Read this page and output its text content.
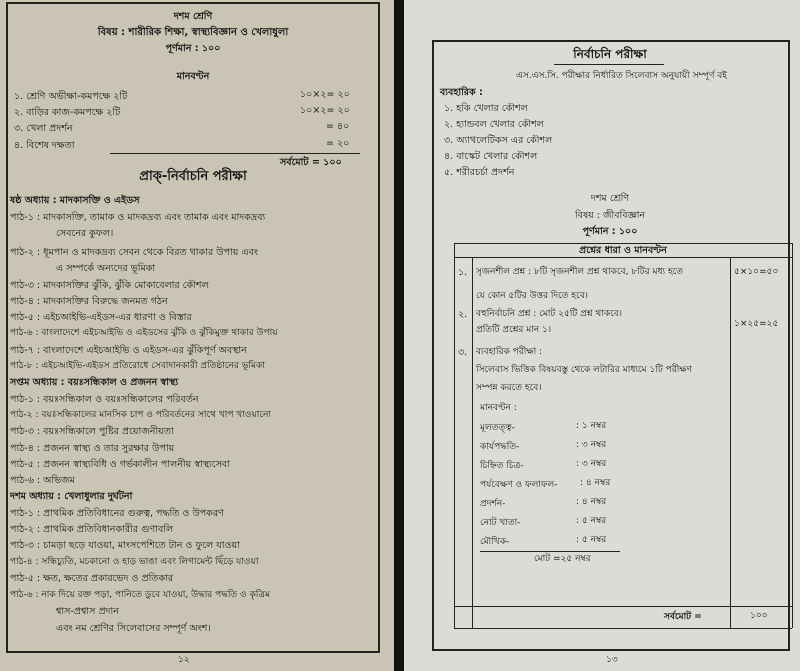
দশম শ্রেণি
বিষয় : শারীরিক শিক্ষা, স্বাস্থ্যবিজ্ঞান ও খেলাধুলা
পূর্ণমান : ১০০
মানবণ্টন
১. শ্রেণি অভীক্ষা-কমপক্ষে ২টি	১০×২= ২০
২. বাড়ির কাজ-কমপক্ষে ২টি	১০×২= ২০
৩. খেলা প্রদর্শন	= ৪০
৪. বিশেষ দক্ষতা	= ২০
সর্বমোট = ১০০
প্রাক্-নির্বাচনি পরীক্ষা
ষষ্ঠ অধ্যায় : মাদকাসক্তি ও এইডস
পাঠ-১ : মাদকাসক্তি, তামাক ও মাদকদ্রব্য এবং তামাক এবং মাদকদ্রব্য
সেবনের কুফল।
পাঠ-২ : ধূমপান ও মাদকদ্রব্য সেবন থেকে বিরত থাকার উপায় এবং
এ সম্পর্কে অন্যদের ভূমিকা
পাঠ-৩ : মাদকাসক্তির ঝুঁকি, ঝুঁকি মোকাবেলার কৌশল
পাঠ-৪ : মাদকাসক্তির বিরুদ্ধে জনমত গঠন
পাঠ-৫ : এইচআইভি-এইডস-এর ধারণা ও বিস্তার
পাঠ-৬ : বাংলাদেশে এইচআইভি ও এইডসের ঝুঁকি ও ঝুঁকিমুক্ত থাকার উপায়
পাঠ-৭ : বাংলাদেশে এইচআইভি ও এইডস-এর ঝুঁকিপূর্ণ অবস্থান
পাঠ-৮ : এইচআইভি-এইডস প্রতিরোধে সেবাদানকারী প্রতিষ্ঠানের ভূমিকা
সপ্তম অধ্যায় : বয়ঃসন্ধিকাল ও প্রজনন স্বাস্থ্য
পাঠ-১ : বয়ঃসন্ধিকাল ও বয়ঃসন্ধিকালের পরিবর্তন
পাঠ-২ : বয়ঃসন্ধিকালের মানসিক চাপ ও পরিবর্তনের সাথে খাপ খাওয়ানো
পাঠ-৩ : বয়ঃসন্ধিকালে পুষ্টির প্রয়োজনীয়তা
পাঠ-৪ : প্রজনন স্বাস্থ্য ও তার সুরক্ষার উপায়
পাঠ-৫ : প্রজনন স্বাস্থ্যবিধি ও গর্ভকালীন পালনীয় স্বাস্থ্যসেবা
পাঠ-৬ : অভিজম
দশম অধ্যায় : খেলাধুলার দুর্ঘটনা
পাঠ-১ : প্রাথমিক প্রতিবিধানের গুরুত্ব, পদ্ধতি ও উপকরণ
পাঠ-২ : প্রাথমিক প্রতিবিধানকারীর গুণাবলি
পাঠ-৩ : চামড়া ছড়ে যাওয়া, মাংসপেশিতে টান ও ফুলে যাওয়া
পাঠ-৪ : সন্ধিচ্যুতি, মচকানো ও হাড় ভাঙা এবং লিগামেন্ট ছিঁড়ে যাওয়া
পাঠ-৫ : ক্ষত, ক্ষতের প্রকারভেদ ও প্রতিকার
পাঠ-৬ : নাক দিয়ে রক্ত পড়া, পানিতে ডুবে যাওয়া, উদ্ধার পদ্ধতি ও কৃত্রিম
শ্বাস-প্রশ্বাস প্রদান
এবং নম শ্রেণির সিলেবাসের সম্পূর্ণ অংশ।
১২
নির্বাচনি পরীক্ষা
এস.এস.সি. পরীক্ষার নির্ধারিত সিলেবাস অনুযায়ী সম্পূর্ণ বই
ব্যবহারিক :
১. হকি খেলার কৌশল
২. হ্যান্ডবল খেলার কৌশল
৩. অ্যাথলেটিকস এর কৌশল
৪. বাস্কেট খেলার কৌশল
৫. শরীরচর্চা প্রদর্শন
দশম শ্রেণি
বিষয় : জীববিজ্ঞান
পূর্ণমান : ১০০
প্রশ্নের ধারা ও মানবণ্টন
১. সৃজনশীল প্রশ্ন : ৮টি সৃজনশীল প্রশ্ন থাকবে, ৮টির মধ্য হতে
যে কোন ৫টির উত্তর দিতে হবে।
৫×১০=৫০
২. বহুনির্বাচনি প্রশ্ন : মোট ২৫টি প্রশ্ন থাকবে।
প্রতিটি প্রশ্নের মান ১।
১×২৫=২৫
৩. ব্যবহারিক পরীক্ষা :
সিলেবাস ভিত্তিক বিষয়বস্তু থেকে লটারির মাধ্যমে ১টি পরীক্ষণ
সম্পন্ন করতে হবে।
মানবণ্টন :
মূলতত্ত্ব-	: ১ নম্বর
কার্যপদ্ধতি-	: ৩ নম্বর
চিহ্নিত চিত্র-	: ৩ নম্বর
পর্যবেক্ষণ ও ফলাফল-	: ৪ নম্বর
প্রদর্শন-	: ৪ নম্বর
নোট খাতা-	: ৫ নম্বর
মৌখিক-	: ৫ নম্বর
মোট =২৫ নম্বর
সর্বমোট =	১০০
১৩
